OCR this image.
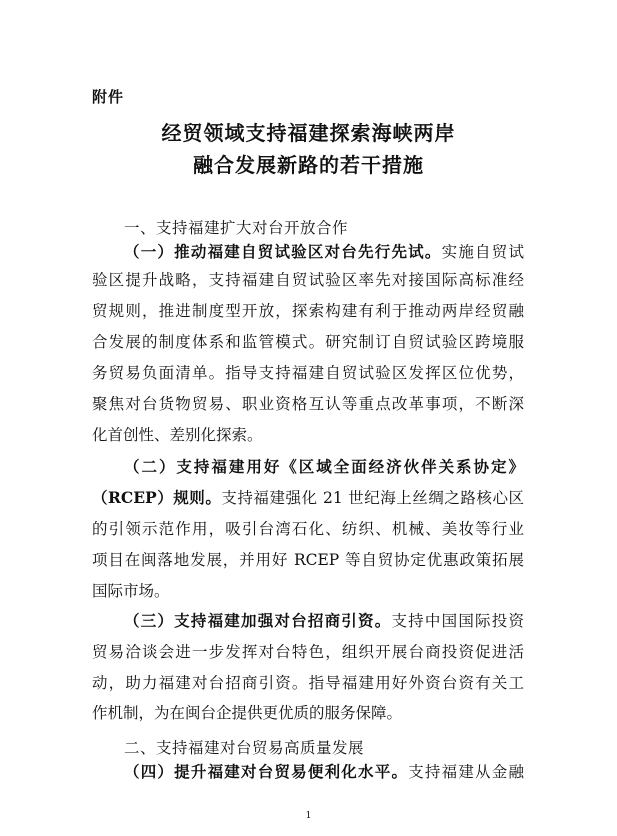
附件
经贸领域支持福建探索海峡两岸
融合发展新路的若干措施
一、支持福建扩大对台开放合作
（一）推动福建自贸试验区对台先行先试。实施自贸试
验区提升战略，支持福建自贸试验区率先对接国际高标准经
贸规则，推进制度型开放，探索构建有利于推动两岸经贸融
合发展的制度体系和监管模式。研究制订自贸试验区跨境服
务贸易负面清单。指导支持福建自贸试验区发挥区位优势，
聚焦对台货物贸易、职业资格互认等重点改革事项，不断深
化首创性、差别化探索。
（二）支持福建用好《区域全面经济伙伴关系协定》
（RCEP）规则。支持福建强化 21 世纪海上丝绸之路核心区
的引领示范作用，吸引台湾石化、纺织、机械、美妆等行业
项目在闽落地发展，并用好 RCEP 等自贸协定优惠政策拓展
国际市场。
（三）支持福建加强对台招商引资。支持中国国际投资
贸易洽谈会进一步发挥对台特色，组织开展台商投资促进活
动，助力福建对台招商引资。指导福建用好外资台资有关工
作机制，为在闽台企提供更优质的服务保障。
二、支持福建对台贸易高质量发展
（四）提升福建对台贸易便利化水平。支持福建从金融
1
